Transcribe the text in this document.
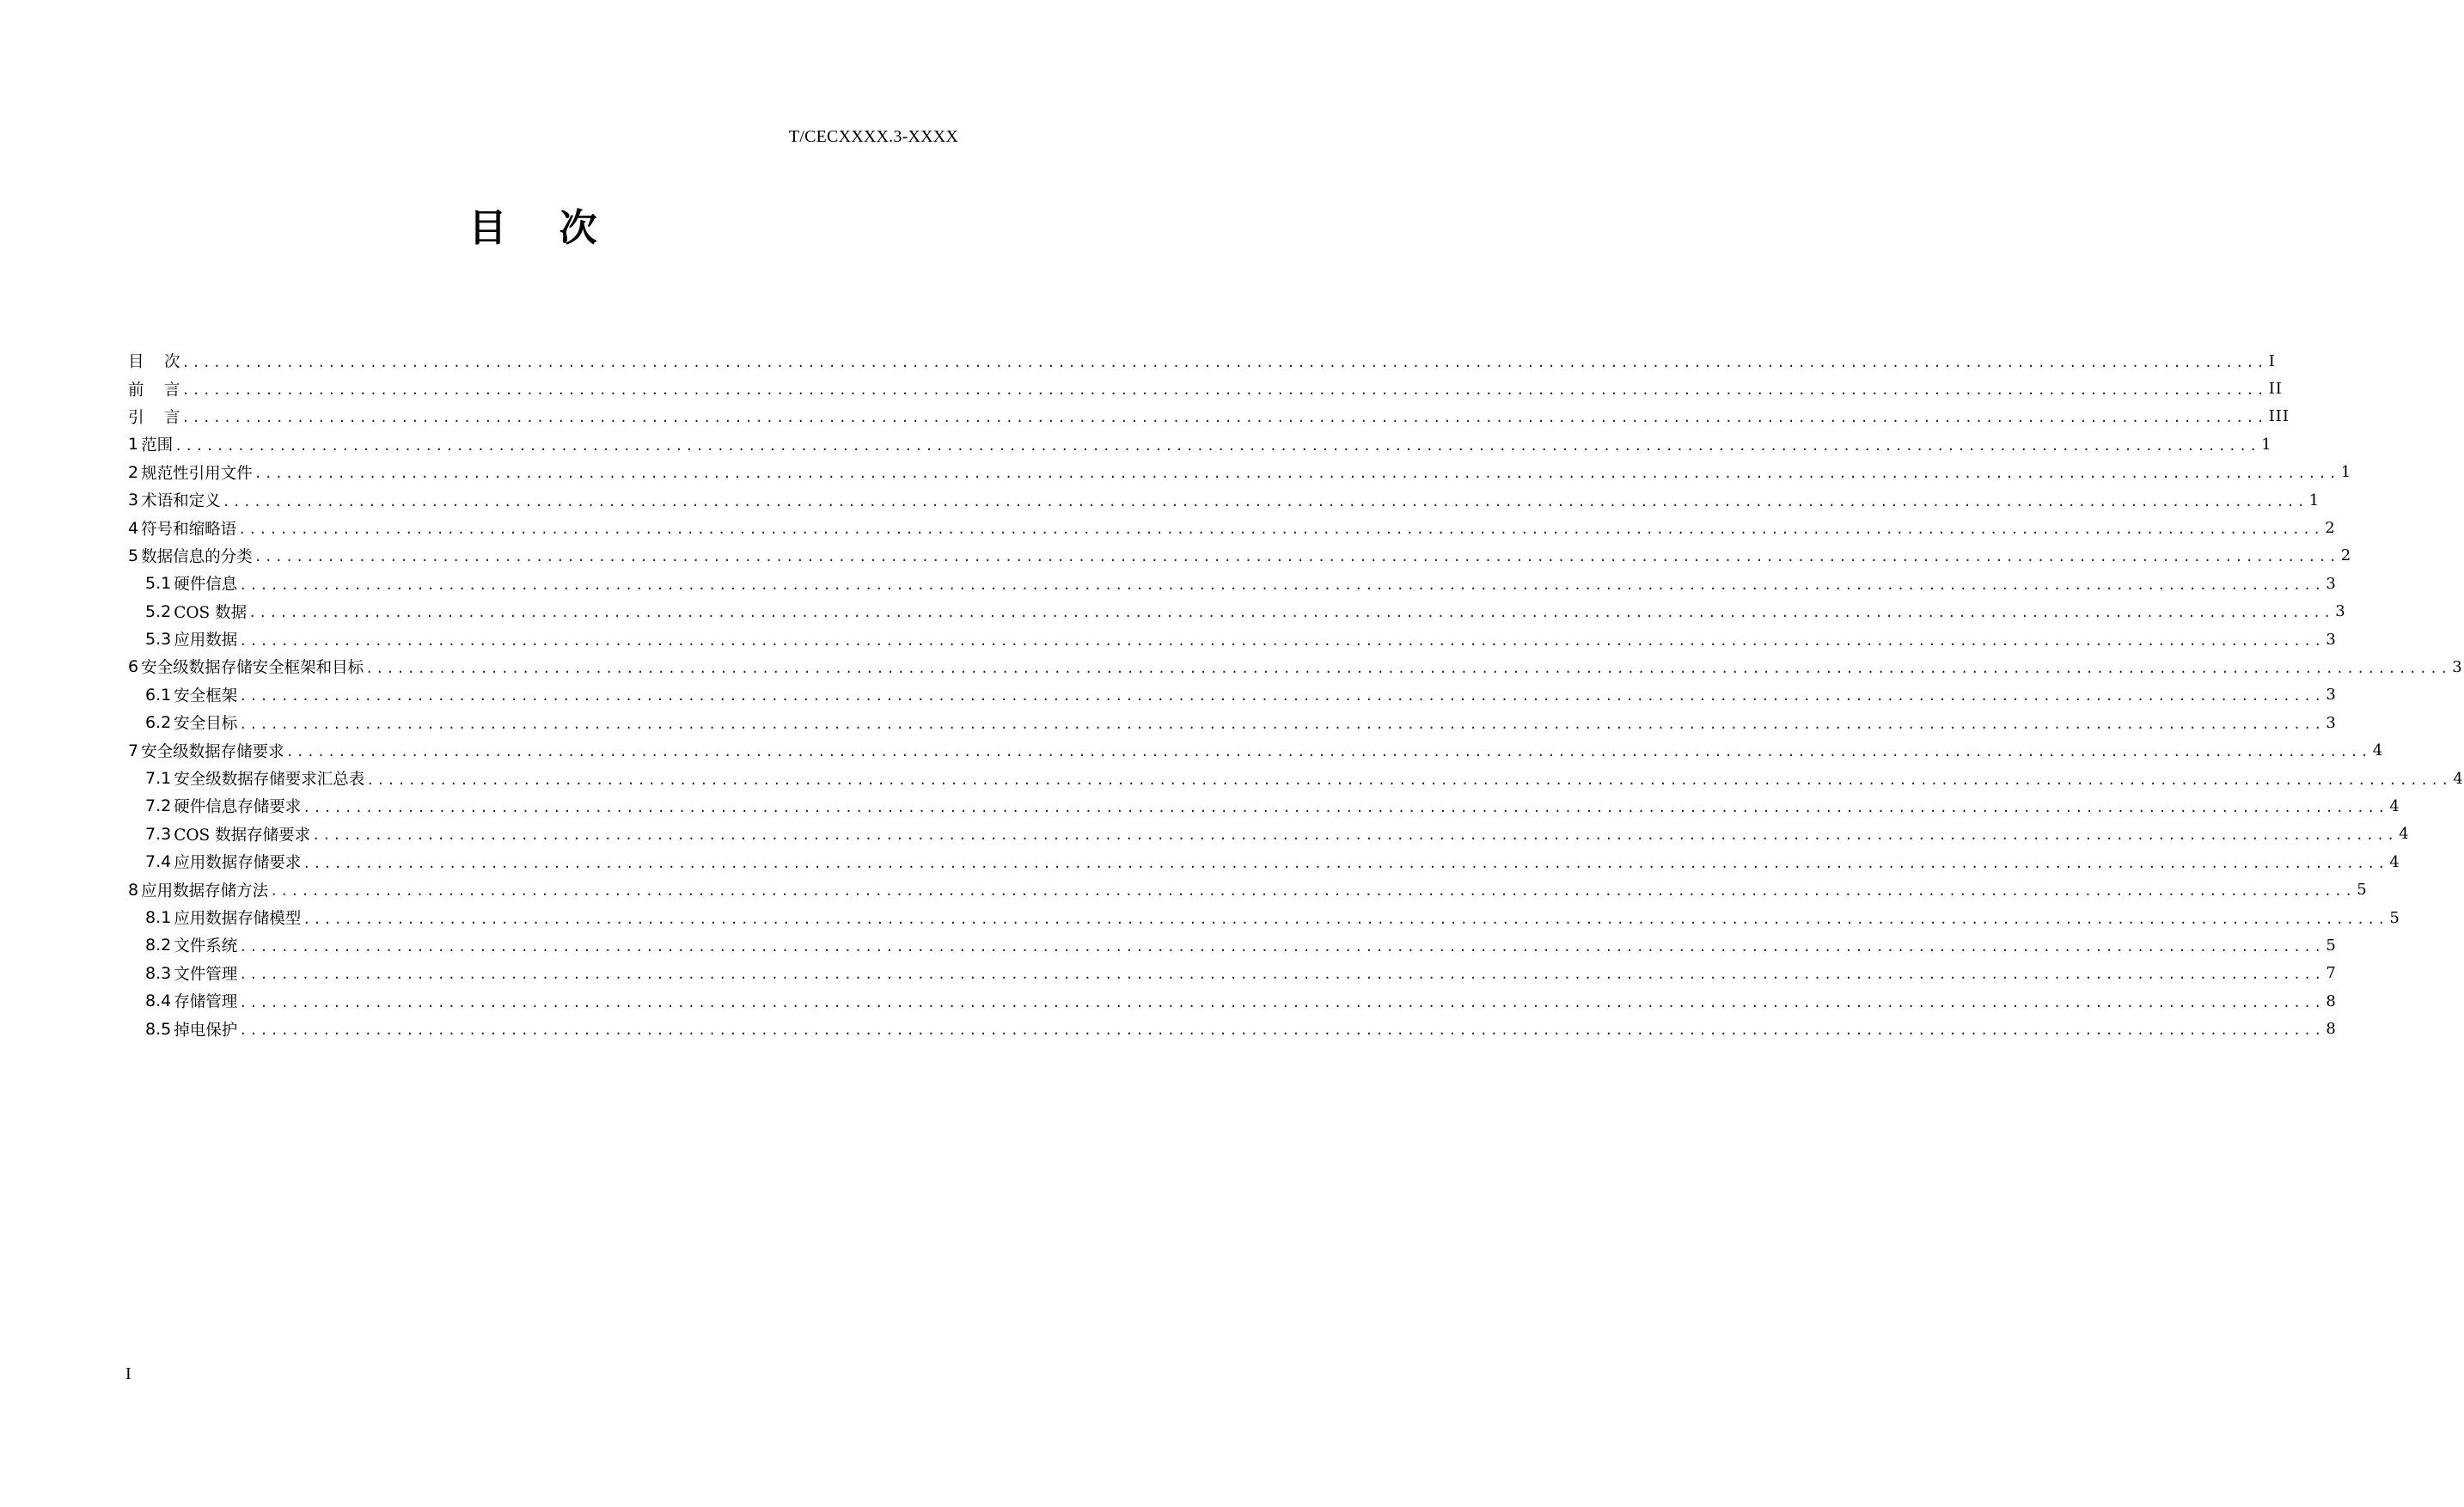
T/CECXXXX.3-XXXX
目    次
目    次 ........................................................................................................................................................................................................ I
前    言 ........................................................................................................................................................................................................ II
引    言 ........................................................................................................................................................................................................ III
1 范围 ........................................................................................................................................................................................................ 1
2 规范性引用文件 ........................................................................................................................................................................................................ 1
3 术语和定义 ........................................................................................................................................................................................................ 1
4 符号和缩略语 ........................................................................................................................................................................................................ 2
5 数据信息的分类 ........................................................................................................................................................................................................ 2
5.1 硬件信息 ........................................................................................................................................................................................................ 3
5.2 COS 数据 ........................................................................................................................................................................................................ 3
5.3 应用数据 ........................................................................................................................................................................................................ 3
6 安全级数据存储安全框架和目标 ........................................................................................................................................................................................................ 3
6.1 安全框架 ........................................................................................................................................................................................................ 3
6.2 安全目标 ........................................................................................................................................................................................................ 3
7 安全级数据存储要求 ........................................................................................................................................................................................................ 4
7.1 安全级数据存储要求汇总表 ........................................................................................................................................................................................................ 4
7.2 硬件信息存储要求 ........................................................................................................................................................................................................ 4
7.3 COS 数据存储要求 ........................................................................................................................................................................................................ 4
7.4 应用数据存储要求 ........................................................................................................................................................................................................ 4
8 应用数据存储方法 ........................................................................................................................................................................................................ 5
8.1 应用数据存储模型 ........................................................................................................................................................................................................ 5
8.2 文件系统 ........................................................................................................................................................................................................ 5
8.3 文件管理 ........................................................................................................................................................................................................ 7
8.4 存储管理 ........................................................................................................................................................................................................ 8
8.5 掉电保护 ........................................................................................................................................................................................................ 8
I
